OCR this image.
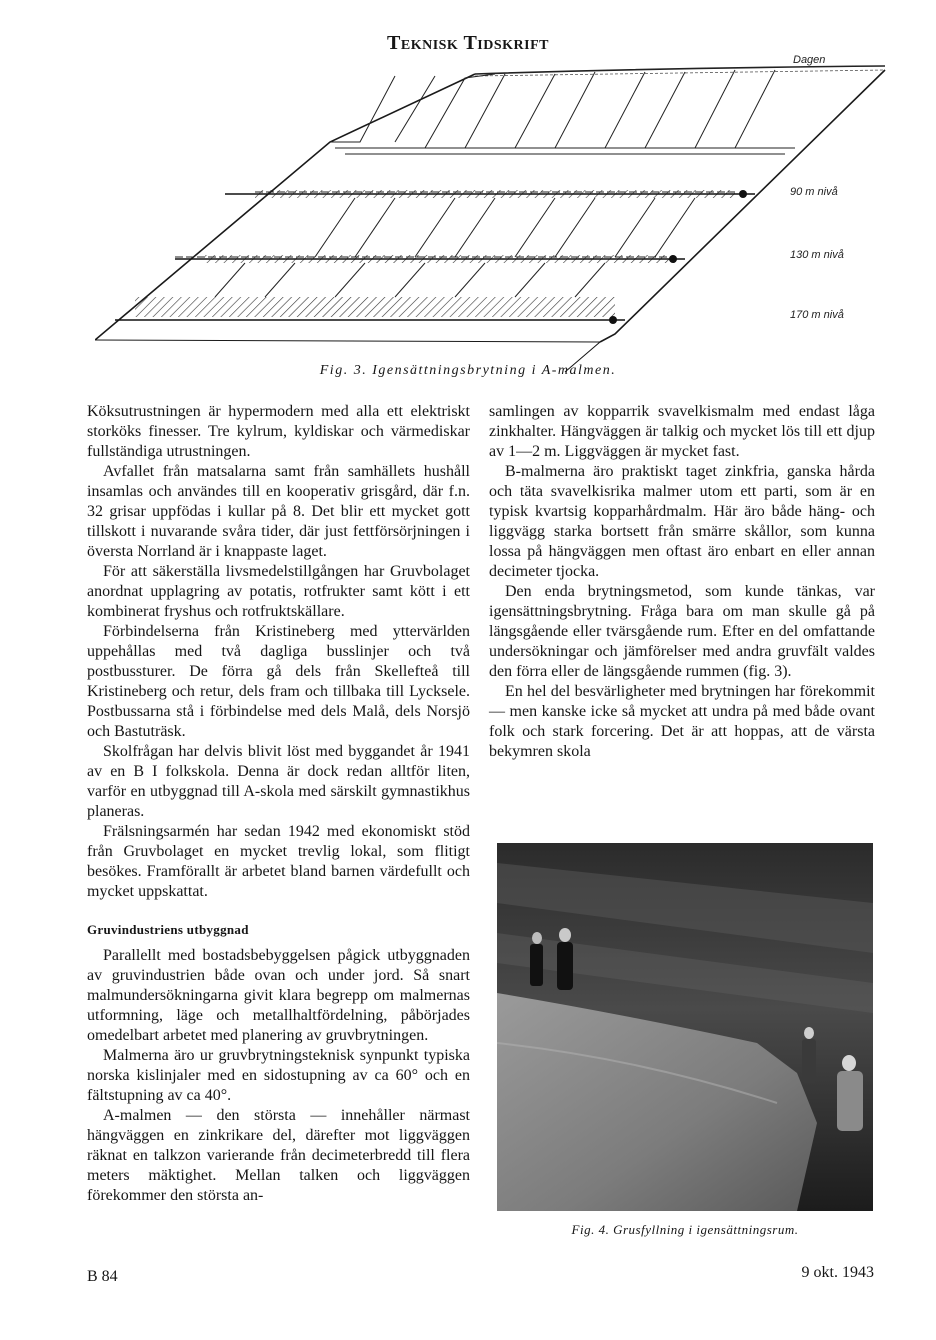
Teknisk Tidskrift
Dagen
90 m nivå
130 m nivå
170 m nivå
Fig. 3. Igensättningsbrytning i A-malmen.

Köksutrustningen är hypermodern med alla ett elektriskt storköks finesser. Tre kylrum, kyldiskar och värmediskar fullständiga utrustningen.

Avfallet från matsalarna samt från samhällets hushåll insamlas och användes till en kooperativ grisgård, där f.n. 32 grisar uppfödas i kullar på 8. Det blir ett mycket gott tillskott i nuvarande svåra tider, där just fettförsörjningen i översta Norrland är i knappaste laget.

För att säkerställa livsmedelstillgången har Gruvbolaget anordnat upplagring av potatis, rotfrukter samt kött i ett kombinerat fryshus och rotfruktskällare.

Förbindelserna från Kristineberg med yttervärlden uppehållas med två dagliga busslinjer och två postbussturer. De förra gå dels från Skellefteå till Kristineberg och retur, dels fram och tillbaka till Lycksele. Postbussarna stå i förbindelse med dels Malå, dels Norsjö och Bastuträsk.

Skolfrågan har delvis blivit löst med byggandet år 1941 av en B I folkskola. Denna är dock redan alltför liten, varför en utbyggnad till A-skola med särskilt gymnastikhus planeras.

Frälsningsarmén har sedan 1942 med ekonomiskt stöd från Gruvbolaget en mycket trevlig lokal, som flitigt besökes. Framförallt är arbetet bland barnen värdefullt och mycket uppskattat.

Gruvindustriens utbyggnad

Parallellt med bostadsbebyggelsen pågick utbyggnaden av gruvindustrien både ovan och under jord. Så snart malmundersökningarna givit klara begrepp om malmernas utformning, läge och metallhaltfördelning, påbörjades omedelbart arbetet med planering av gruvbrytningen.

Malmerna äro ur gruvbrytningsteknisk synpunkt typiska norska kislinjaler med en sidostupning av ca 60° och en fältstupning av ca 40°.

A-malmen — den största — innehåller närmast hängväggen en zinkrikare del, därefter mot liggväggen räknat en talkzon varierande från decimeterbredd till flera meters mäktighet. Mellan talken och liggväggen förekommer den största an-

samlingen av kopparrik svavelkismalm med endast låga zinkhalter. Hängväggen är talkig och mycket lös till ett djup av 1—2 m. Liggväggen är mycket fast.

B-malmerna äro praktiskt taget zinkfria, ganska hårda och täta svavelkisrika malmer utom ett parti, som är en typisk kvartsig kopparhårdmalm. Här äro både häng- och liggvägg starka bortsett från smärre skållor, som kunna lossa på hängväggen men oftast äro enbart en eller annan decimeter tjocka.

Den enda brytningsmetod, som kunde tänkas, var igensättningsbrytning. Fråga bara om man skulle gå på längsgående eller tvärsgående rum. Efter en del omfattande undersökningar och jämförelser med andra gruvfält valdes den förra eller de längsgående rummen (fig. 3).

En hel del besvärligheter med brytningen har förekommit — men kanske icke så mycket att undra på med både ovant folk och stark forcering. Det är att hoppas, att de värsta bekymren skola

Fig. 4. Grusfyllning i igensättningsrum.
B 84	9 okt. 1943
